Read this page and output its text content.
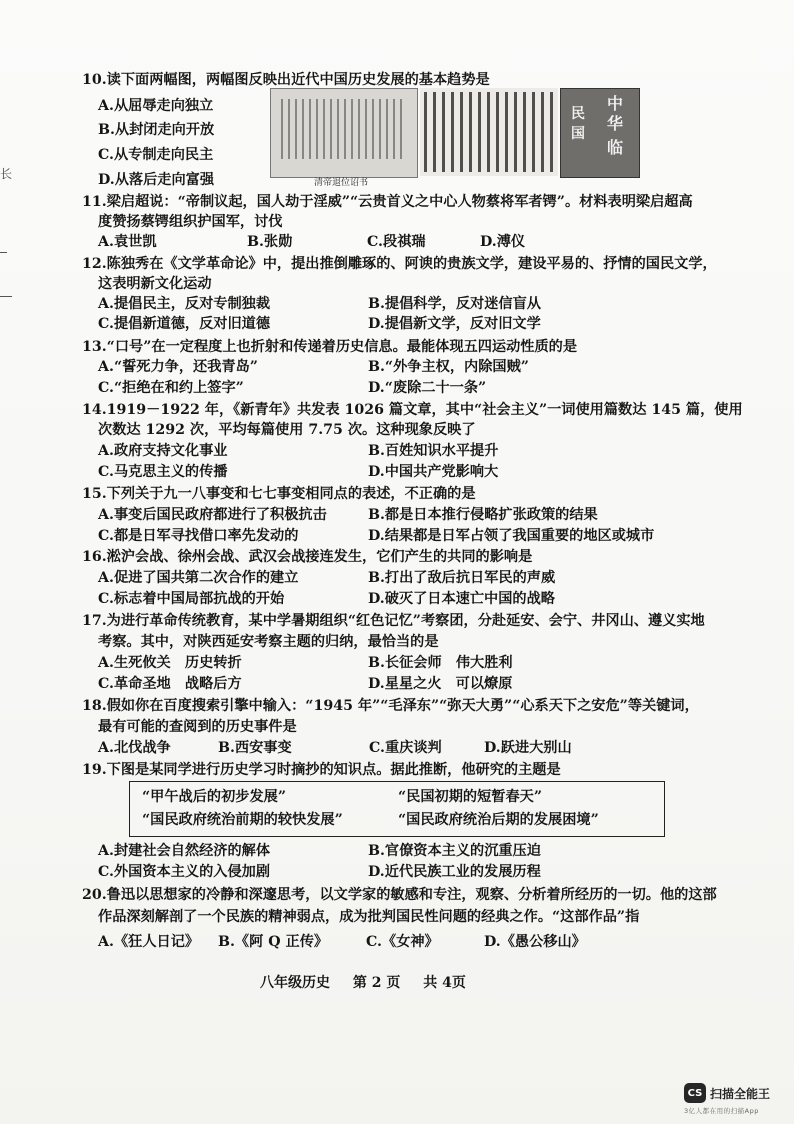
长
10.读下面两幅图，两幅图反映出近代中国历史发展的基本趋势是
A.从屈辱走向独立
B.从封闭走向开放
C.从专制走向民主
D.从落后走向富强
中
华
民
国
临
清帝退位诏书
11.梁启超说：“帝制议起，国人劫于淫威”“云贵首义之中心人物蔡将军者锷”。材料表明梁启超高
度赞扬蔡锷组织护国军，讨伐
A.袁世凯	B.张勋	C.段祺瑞	D.溥仪
12.陈独秀在《文学革命论》中，提出推倒雕琢的、阿谀的贵族文学，建设平易的、抒情的国民文学，
这表明新文化运动
A.提倡民主，反对专制独裁	B.提倡科学，反对迷信盲从
C.提倡新道德，反对旧道德	D.提倡新文学，反对旧文学
13.“口号”在一定程度上也折射和传递着历史信息。最能体现五四运动性质的是
A.“誓死力争，还我青岛”	B.“外争主权，内除国贼”
C.“拒绝在和约上签字”	D.“废除二十一条”
14.1919－1922 年，《新青年》共发表 1026 篇文章，其中“社会主义”一词使用篇数达 145 篇，使用
次数达 1292 次，平均每篇使用 7.75 次。这种现象反映了
A.政府支持文化事业	B.百姓知识水平提升
C.马克思主义的传播	D.中国共产党影响大
15.下列关于九一八事变和七七事变相同点的表述，不正确的是
A.事变后国民政府都进行了积极抗击	B.都是日本推行侵略扩张政策的结果
C.都是日军寻找借口率先发动的	D.结果都是日军占领了我国重要的地区或城市
16.淞沪会战、徐州会战、武汉会战接连发生，它们产生的共同的影响是
A.促进了国共第二次合作的建立	B.打出了敌后抗日军民的声威
C.标志着中国局部抗战的开始	D.破灭了日本速亡中国的战略
17.为进行革命传统教育，某中学暑期组织“红色记忆”考察团，分赴延安、会宁、井冈山、遵义实地
考察。其中，对陕西延安考察主题的归纳，最恰当的是
A.生死攸关　历史转折	B.长征会师　伟大胜利
C.革命圣地　战略后方	D.星星之火　可以燎原
18.假如你在百度搜索引擎中输入：“1945 年”“毛泽东”“弥天大勇”“心系天下之安危”等关键词，
最有可能的查阅到的历史事件是
A.北伐战争	B.西安事变	C.重庆谈判	D.跃进大别山
19.下图是某同学进行历史学习时摘抄的知识点。据此推断，他研究的主题是
“甲午战后的初步发展”	“民国初期的短暂春天”
“国民政府统治前期的较快发展”	“国民政府统治后期的发展困境”
A.封建社会自然经济的解体	B.官僚资本主义的沉重压迫
C.外国资本主义的入侵加剧	D.近代民族工业的发展历程
20.鲁迅以思想家的冷静和深邃思考，以文学家的敏感和专注，观察、分析着所经历的一切。他的这部
作品深刻解剖了一个民族的精神弱点，成为批判国民性问题的经典之作。“这部作品”指
A.《狂人日记》 B.《阿 Q 正传》	C.《女神》	D.《愚公移山》
八年级历史 第 2 页 共 4页
CS 扫描全能王
3亿人都在用的扫描App
